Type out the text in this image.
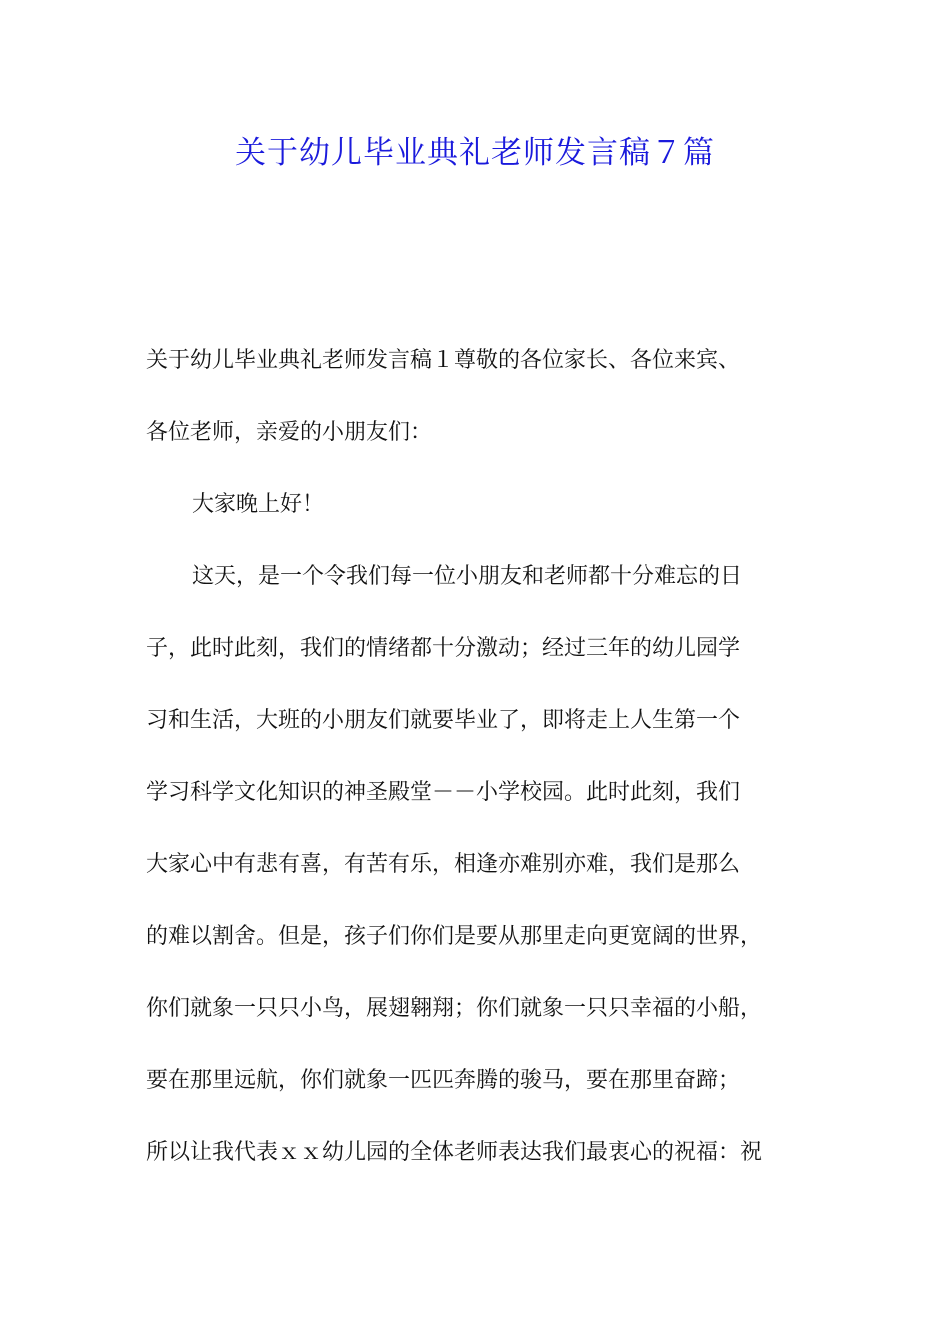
关于幼儿毕业典礼老师发言稿７篇
关于幼儿毕业典礼老师发言稿１尊敬的各位家长、各位来宾、
各位老师，亲爱的小朋友们：
大家晚上好！
这天，是一个令我们每一位小朋友和老师都十分难忘的日
子，此时此刻，我们的情绪都十分激动；经过三年的幼儿园学
习和生活，大班的小朋友们就要毕业了，即将走上人生第一个
学习科学文化知识的神圣殿堂－－小学校园。此时此刻，我们
大家心中有悲有喜，有苦有乐，相逢亦难别亦难，我们是那么
的难以割舍。但是，孩子们你们是要从那里走向更宽阔的世界，
你们就象一只只小鸟，展翅翱翔；你们就象一只只幸福的小船，
要在那里远航，你们就象一匹匹奔腾的骏马，要在那里奋蹄；
所以让我代表ｘｘ幼儿园的全体老师表达我们最衷心的祝福：祝
